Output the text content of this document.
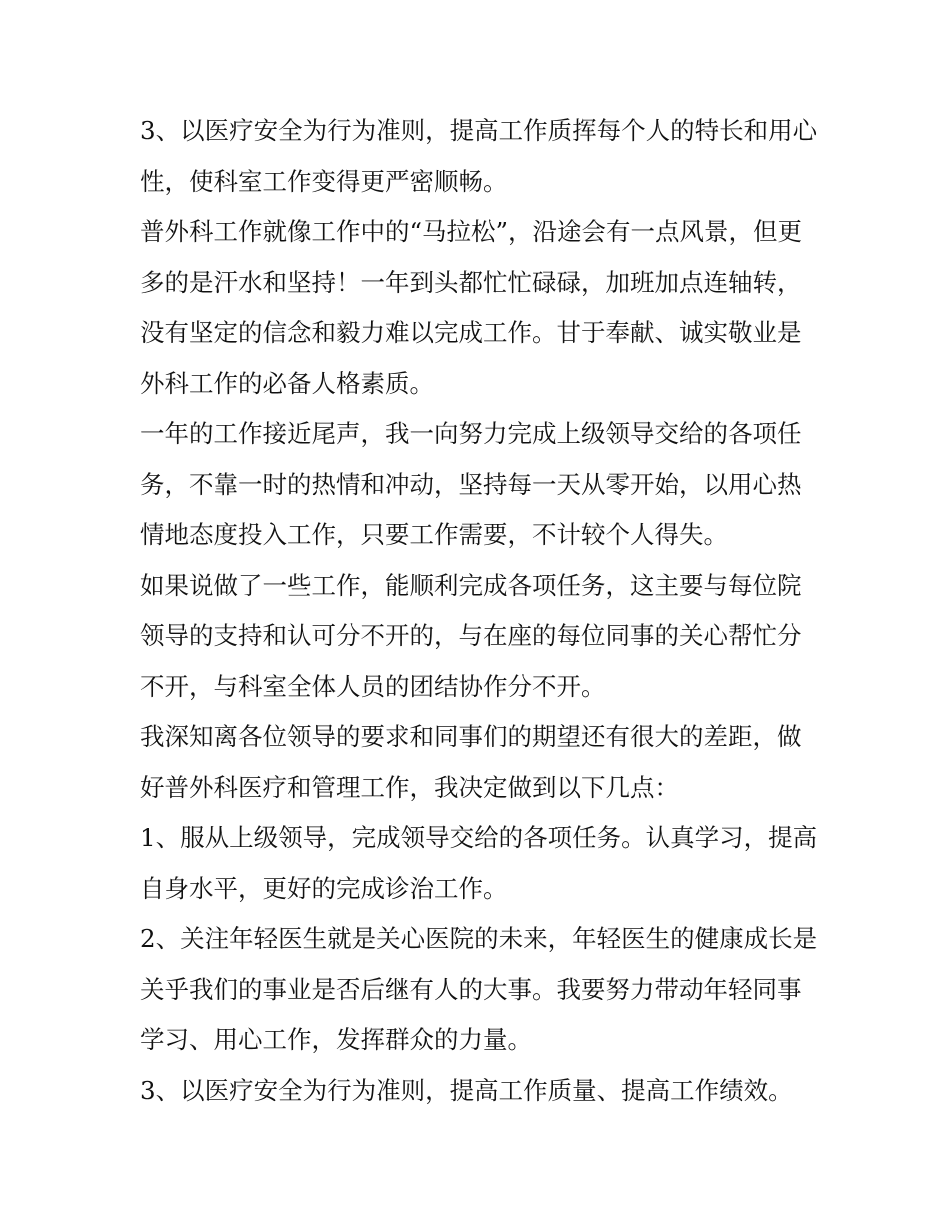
3、以医疗安全为行为准则，提高工作质挥每个人的特长和用心性，使科室工作变得更严密顺畅。

普外科工作就像工作中的“马拉松”，沿途会有一点风景，但更多的是汗水和坚持！一年到头都忙忙碌碌，加班加点连轴转，没有坚定的信念和毅力难以完成工作。甘于奉献、诚实敬业是外科工作的必备人格素质。

一年的工作接近尾声，我一向努力完成上级领导交给的各项任务，不靠一时的热情和冲动，坚持每一天从零开始，以用心热情地态度投入工作，只要工作需要，不计较个人得失。

如果说做了一些工作，能顺利完成各项任务，这主要与每位院领导的支持和认可分不开的，与在座的每位同事的关心帮忙分不开，与科室全体人员的团结协作分不开。

我深知离各位领导的要求和同事们的期望还有很大的差距，做好普外科医疗和管理工作，我决定做到以下几点：

1、服从上级领导，完成领导交给的各项任务。认真学习，提高自身水平，更好的完成诊治工作。

2、关注年轻医生就是关心医院的未来，年轻医生的健康成长是关乎我们的事业是否后继有人的大事。我要努力带动年轻同事学习、用心工作，发挥群众的力量。

3、以医疗安全为行为准则，提高工作质量、提高工作绩效。
